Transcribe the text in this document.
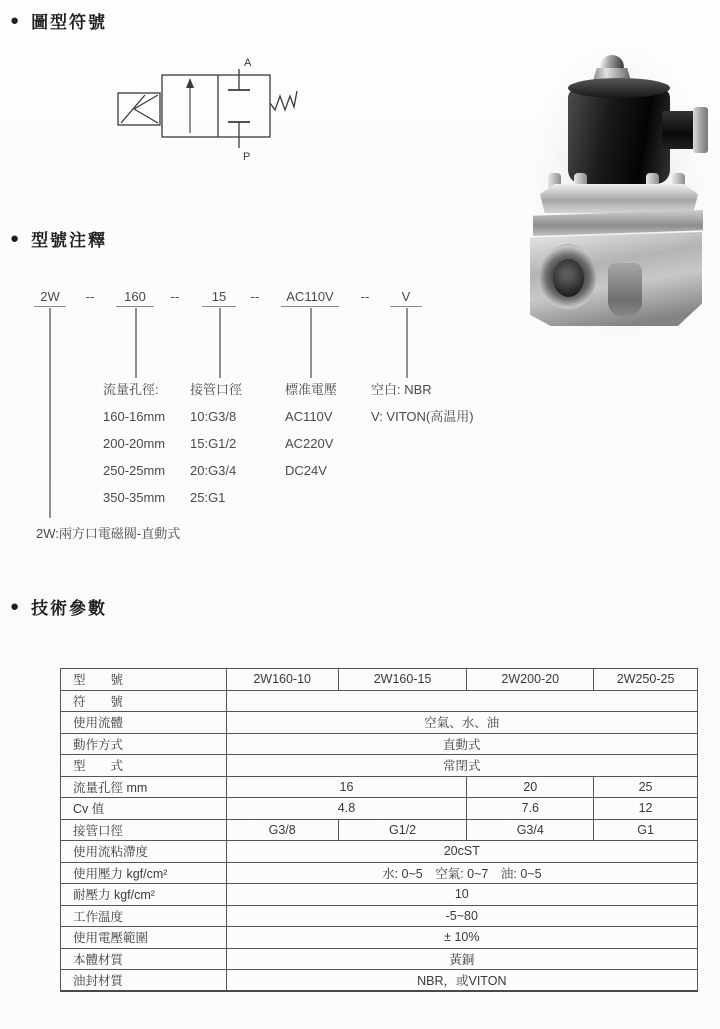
● 圖型符號
A
P
● 型號注釋
2W	--	160	--	15	--	AC110V	--	V
流量孔徑:
160-16mm
200-20mm
250-25mm
350-35mm
接管口徑
10:G3/8
15:G1/2
20:G3/4
25:G1
標准電壓
AC110V
AC220V
DC24V
空白: NBR
V: VITON(高温用)
2W:兩方口電磁閥-直動式
● 技術參數
型　　號	2W160-10	2W160-15	2W200-20	2W250-25
符　　號				
使用流體	空氣、水、油			
動作方式	直動式			
型　　式	常閉式			
流量孔徑 mm	16		20	25
Cv 值	4.8		7.6	12
接管口徑	G3/8	G1/2	G3/4	G1
使用流粘滯度	20cST			
使用壓力 kgf/cm²	水: 0~5　空氣: 0~7　油: 0~5			
耐壓力 kgf/cm²	10			
工作温度	-5~80			
使用電壓範圍	± 10%			
本體材質	黃銅			
油封材質	NBR，或VITON			
